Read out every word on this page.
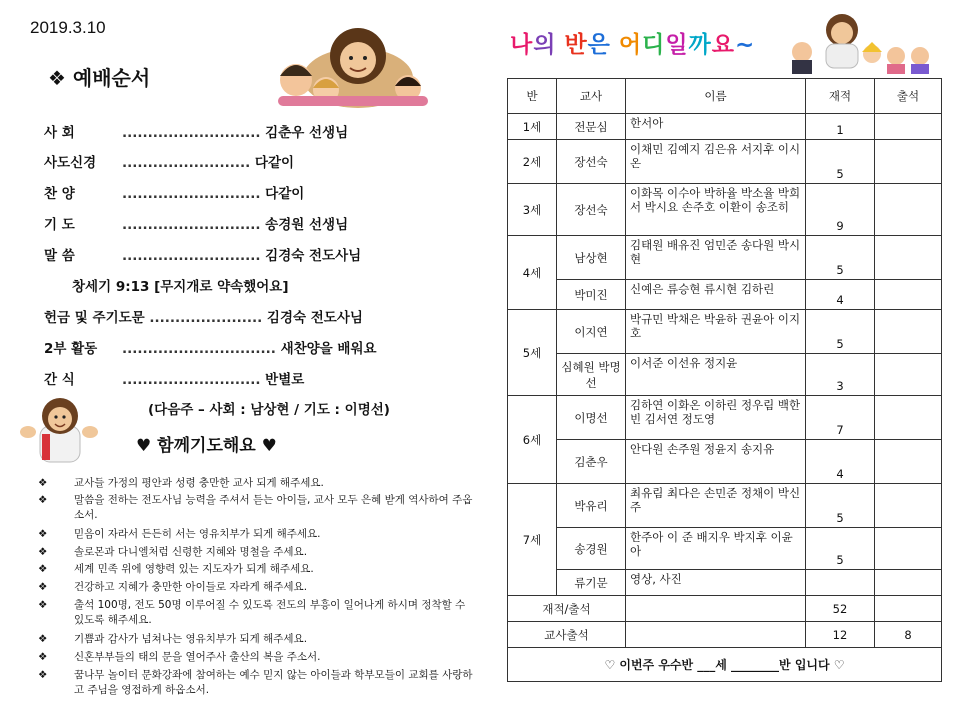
2019.3.10
❖ 예배순서
사 회	........................... 김춘우 선생님
사도신경 ......................... 다같이
찬 양	........................... 다같이
기 도	........................... 송경원 선생님
말 씀	........................... 김경숙 전도사님
창세기 9:13 [무지개로 약속했어요]
헌금 및 주기도문 ...................... 김경숙 전도사님
2부 활동 .............................. 새찬양을 배워요
간 식	........................... 반별로
(다음주 – 사회 : 남상현 / 기도 : 이명선)
♥ 함께기도해요 ♥
❖	교사들 가정의 평안과 성령 충만한 교사 되게 해주세요.
❖	말씀을 전하는 전도사님 능력을 주셔서 듣는 아이들, 교사 모두 은혜 받게 역사하여 주옵소서.
❖	믿음이 자라서 든든히 서는 영유치부가 되게 해주세요.
❖	솔로몬과 다니엘처럼 신령한 지혜와 명철을 주세요.
❖	세계 민족 위에 영향력 있는 지도자가 되게 해주세요.
❖	건강하고 지혜가 충만한 아이들로 자라게 해주세요.
❖	출석 100명, 전도 50명 이루어질 수 있도록 전도의 부흥이 일어나게 하시며 정착할 수 있도록 해주세요.
❖	기쁨과 감사가 넘쳐나는 영유치부가 되게 해주세요.
❖	신혼부부들의 태의 문을 열어주사 출산의 복을 주소서.
❖	꿈나무 놀이터 문화강좌에 참여하는 예수 믿지 않는 아이들과 학부모들이 교회를 사랑하고 주님을 영접하게 하옵소서.
나의 반은 어디일까요~
반	교사	이름	재적	출석
1세	전문심	한서아	1	
2세	장선숙	이채민 김예지 김은유 서지후 이시온	5	
3세	장선숙	이화목 이수아 박하율 박소율 박희서 박시요 손주호 이환이 송조히	9	
4세	남상현	김태원 배유진 엄민준 송다원 박시현	5	
	박미진	신예은 류승현 류시현 김하린	4	
5세	이지연	박규민 박채은 박윤하 권윤아 이지호	5	
	심혜원 박명선	이서준 이선유 정지윤	3	
6세	이명선	김하연 이화온 이하린 정우림 백한빈 김서연 정도영	7	
	김춘우	안다원 손주원 정윤지 송지유	4	
7세	박유리	최유림 최다은 손민준 정채이 박신주	5	
	송경원	한주아 이 준 배지우 박지후 이윤아	5	
	류기문	영상, 사진		
재적/출석			52	
교사출석			12	8
♡ 이번주 우수반 ___세 ________반 입니다 ♡				
